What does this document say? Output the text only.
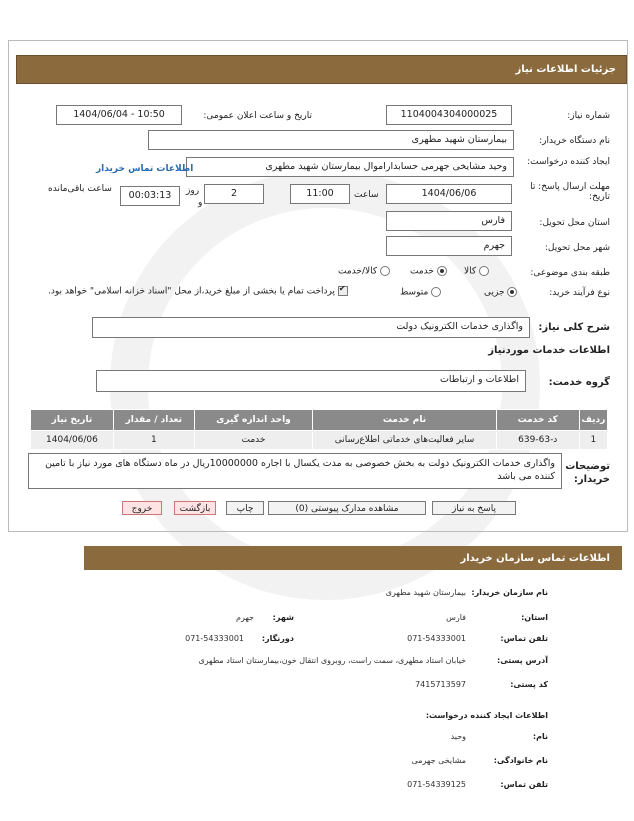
جزئیات اطلاعات نیاز
شماره نیاز:
1104004304000025
تاریخ و ساعت اعلان عمومی:
1404/06/04 - 10:50
نام دستگاه خریدار:
بیمارستان شهید مطهری
ایجاد کننده درخواست:
وحید مشایخی جهرمی حسابداراموال بیمارستان شهید مطهری
اطلاعات تماس خریدار
مهلت ارسال پاسخ: تا تاریخ:
1404/06/06
ساعت
11:00
2
روز
و
00:03:13
ساعت باقی‌مانده
استان محل تحویل:
فارس
شهر محل تحویل:
جهرم
طبقه بندی موضوعی:
کالا
خدمت
کالا/خدمت
نوع فرآیند خرید:
جزیی
متوسط
✔ پرداخت تمام یا بخشی از مبلغ خرید،از محل "اسناد خزانه اسلامی" خواهد بود.
شرح کلی نیاز:
واگذاری خدمات الکترونیک دولت
اطلاعات خدمات موردنیاز
گروه خدمت:
اطلاعات و ارتباطات
ردیف	کد خدمت	نام خدمت	واحد اندازه گیری	تعداد / مقدار	تاریخ نیاز
1	د-63-639	سایر فعالیت‌های خدماتی اطلاع‌رسانی	خدمت	1	1404/06/06
توضیحات خریدار:
واگذاری خدمات الکترونیک دولت به بخش خصوصی به مدت یکسال با اجاره 10000000ریال در ماه دستگاه های مورد نیاز با تامین کننده می باشد
پاسخ به نیاز
مشاهده مدارک پیوستی (0)
چاپ
بازگشت
خروج
اطلاعات تماس سازمان خریدار
نام سازمان خریدار:
بیمارستان شهید مطهری
استان:
فارس
شهر:
جهرم
تلفن تماس:
071-54333001
دورنگار:
071-54333001
آدرس پستی:
خیابان استاد مطهری، سمت راست، روبروی انتقال خون،بیمارستان استاد مطهری
کد پستی:
7415713597
اطلاعات ایجاد کننده درخواست:
نام:
وحید
نام خانوادگی:
مشایخی جهرمی
تلفن تماس:
071-54339125
